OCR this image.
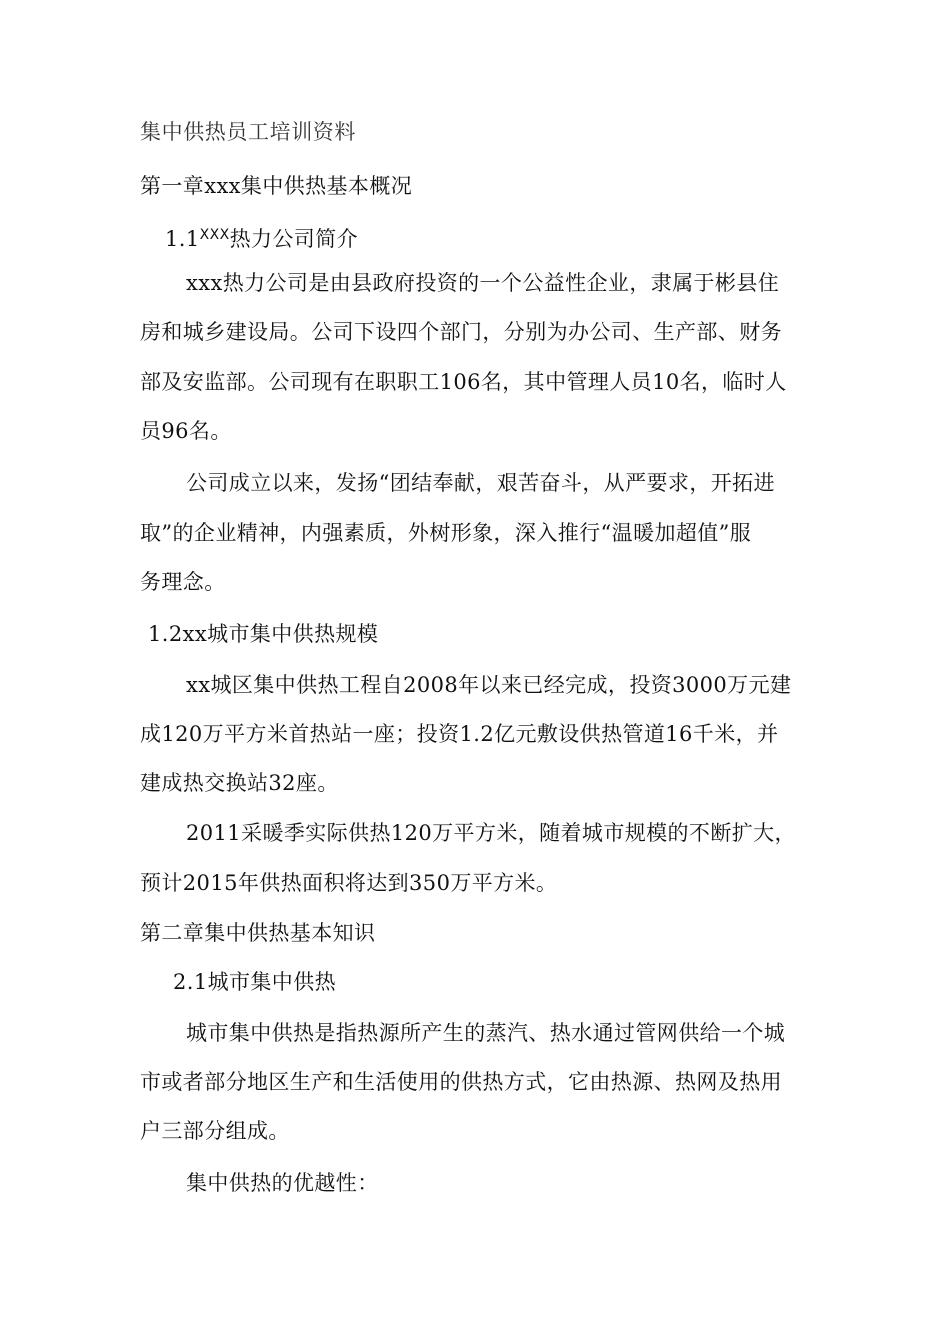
集中供热员工培训资料
第一章xxx集中供热基本概况
$1.1^{XXX}$热力公司简介
xxx热力公司是由县政府投资的一个公益性企业，隶属于彬县住
房和城乡建设局。公司下设四个部门，分别为办公司、生产部、财务
部及安监部。公司现有在职职工106名，其中管理人员10名，临时人
员96名。
公司成立以来，发扬“团结奉献，艰苦奋斗，从严要求，开拓进
取”的企业精神，内强素质，外树形象，深入推行“温暖加超值”服
务理念。
1.2xx城市集中供热规模
xx城区集中供热工程自2008年以来已经完成，投资3000万元建
成120万平方米首热站一座；投资1.2亿元敷设供热管道16千米，并
建成热交换站32座。
2011采暖季实际供热120万平方米，随着城市规模的不断扩大，
预计2015年供热面积将达到350万平方米。
第二章集中供热基本知识
2.1城市集中供热
城市集中供热是指热源所产生的蒸汽、热水通过管网供给一个城
市或者部分地区生产和生活使用的供热方式，它由热源、热网及热用
户三部分组成。
集中供热的优越性：
